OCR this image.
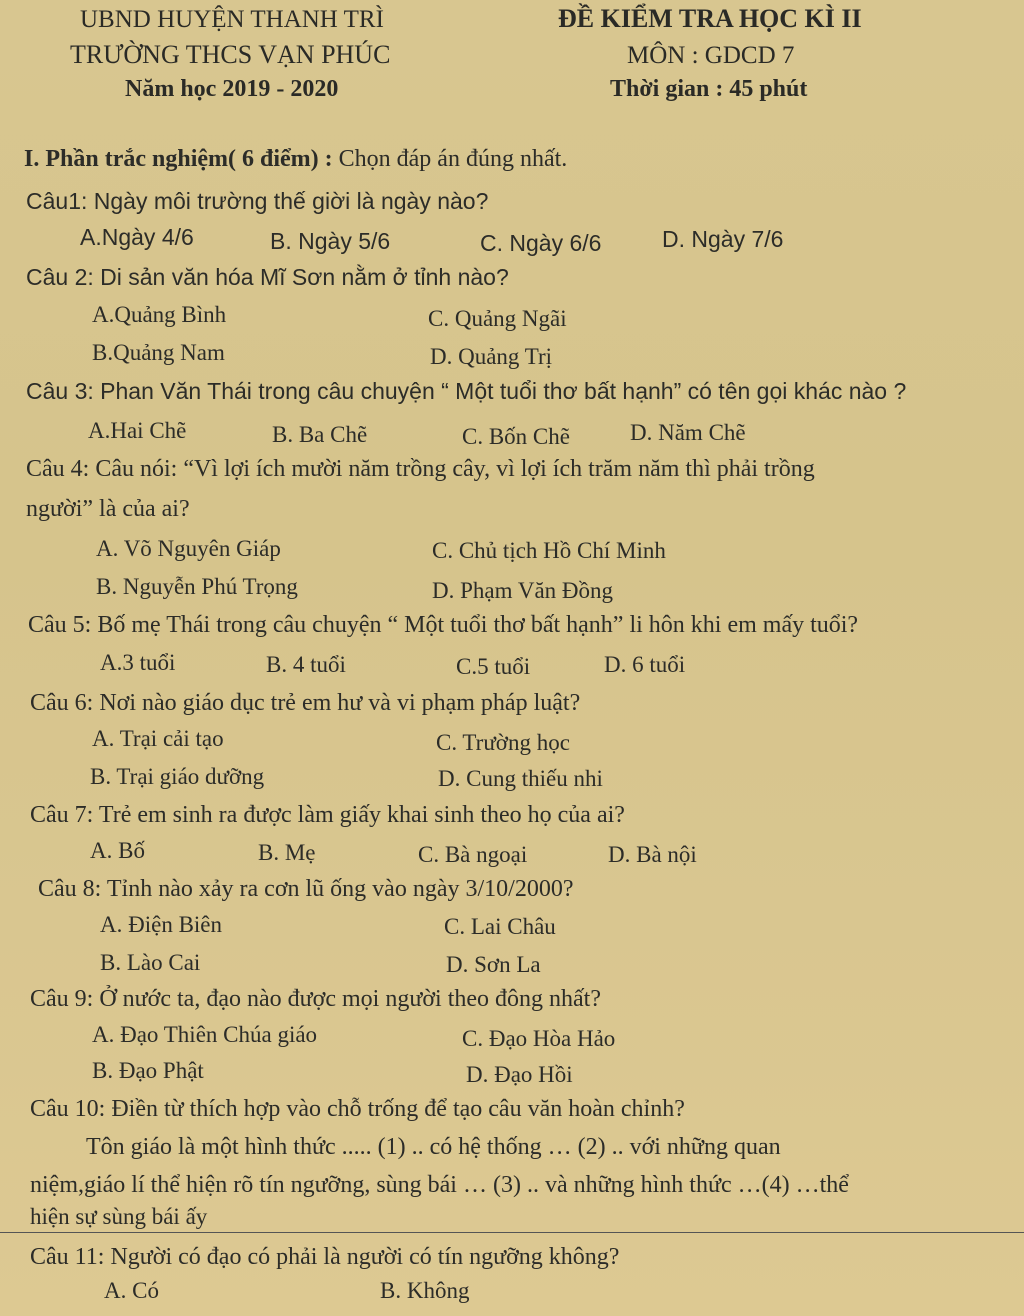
UBND HUYỆN THANH TRÌ
TRƯỜNG THCS VẠN PHÚC
Năm học 2019 - 2020
ĐỀ KIỂM TRA HỌC KÌ II
MÔN : GDCD 7
Thời gian : 45 phút
I. Phần trắc nghiệm( 6 điểm) : Chọn đáp án đúng nhất.
Câu1: Ngày môi trường thế giời là ngày nào?
A.Ngày 4/6	B. Ngày 5/6	C. Ngày 6/6	D. Ngày 7/6
Câu 2: Di sản văn hóa Mĩ Sơn nằm ở tỉnh nào?
A.Quảng Bình	C. Quảng Ngãi
B.Quảng Nam	D. Quảng Trị
Câu 3: Phan Văn Thái trong câu chuyện “ Một tuổi thơ bất hạnh” có tên gọi khác nào ?
A.Hai Chẽ	B. Ba Chẽ	C. Bốn Chẽ	D. Năm Chẽ
Câu 4: Câu nói: “Vì lợi ích mười năm trồng cây, vì lợi ích trăm năm thì phải trồng
người” là của ai?
A. Võ Nguyên Giáp	C. Chủ tịch Hồ Chí Minh
B. Nguyễn Phú Trọng	D. Phạm Văn Đồng
Câu 5: Bố mẹ Thái trong câu chuyện “ Một tuổi thơ bất hạnh” li hôn khi em mấy tuổi?
A.3 tuổi	B. 4 tuổi	C.5 tuổi	D. 6 tuổi
Câu 6: Nơi nào giáo dục trẻ em hư và vi phạm pháp luật?
A. Trại cải tạo	C. Trường học
B. Trại giáo dưỡng	D. Cung thiếu nhi
Câu 7: Trẻ em sinh ra được làm giấy khai sinh theo họ của ai?
A. Bố	B. Mẹ	C. Bà ngoại	D. Bà nội
Câu 8: Tỉnh nào xảy ra cơn lũ ống vào ngày 3/10/2000?
A. Điện Biên	C. Lai Châu
B. Lào Cai	D. Sơn La
Câu 9: Ở nước ta, đạo nào được mọi người theo đông nhất?
A. Đạo Thiên Chúa giáo	C. Đạo Hòa Hảo
B. Đạo Phật	D. Đạo Hồi
Câu 10: Điền từ thích hợp vào chỗ trống để tạo câu văn hoàn chỉnh?
Tôn giáo là một hình thức ..... (1) .. có hệ thống … (2) .. với những quan
niệm,giáo lí thể hiện rõ tín ngưỡng, sùng bái … (3) .. và những hình thức …(4) …thể
hiện sự sùng bái ấy
Câu 11: Người có đạo có phải là người có tín ngưỡng không?
A. Có	B. Không
